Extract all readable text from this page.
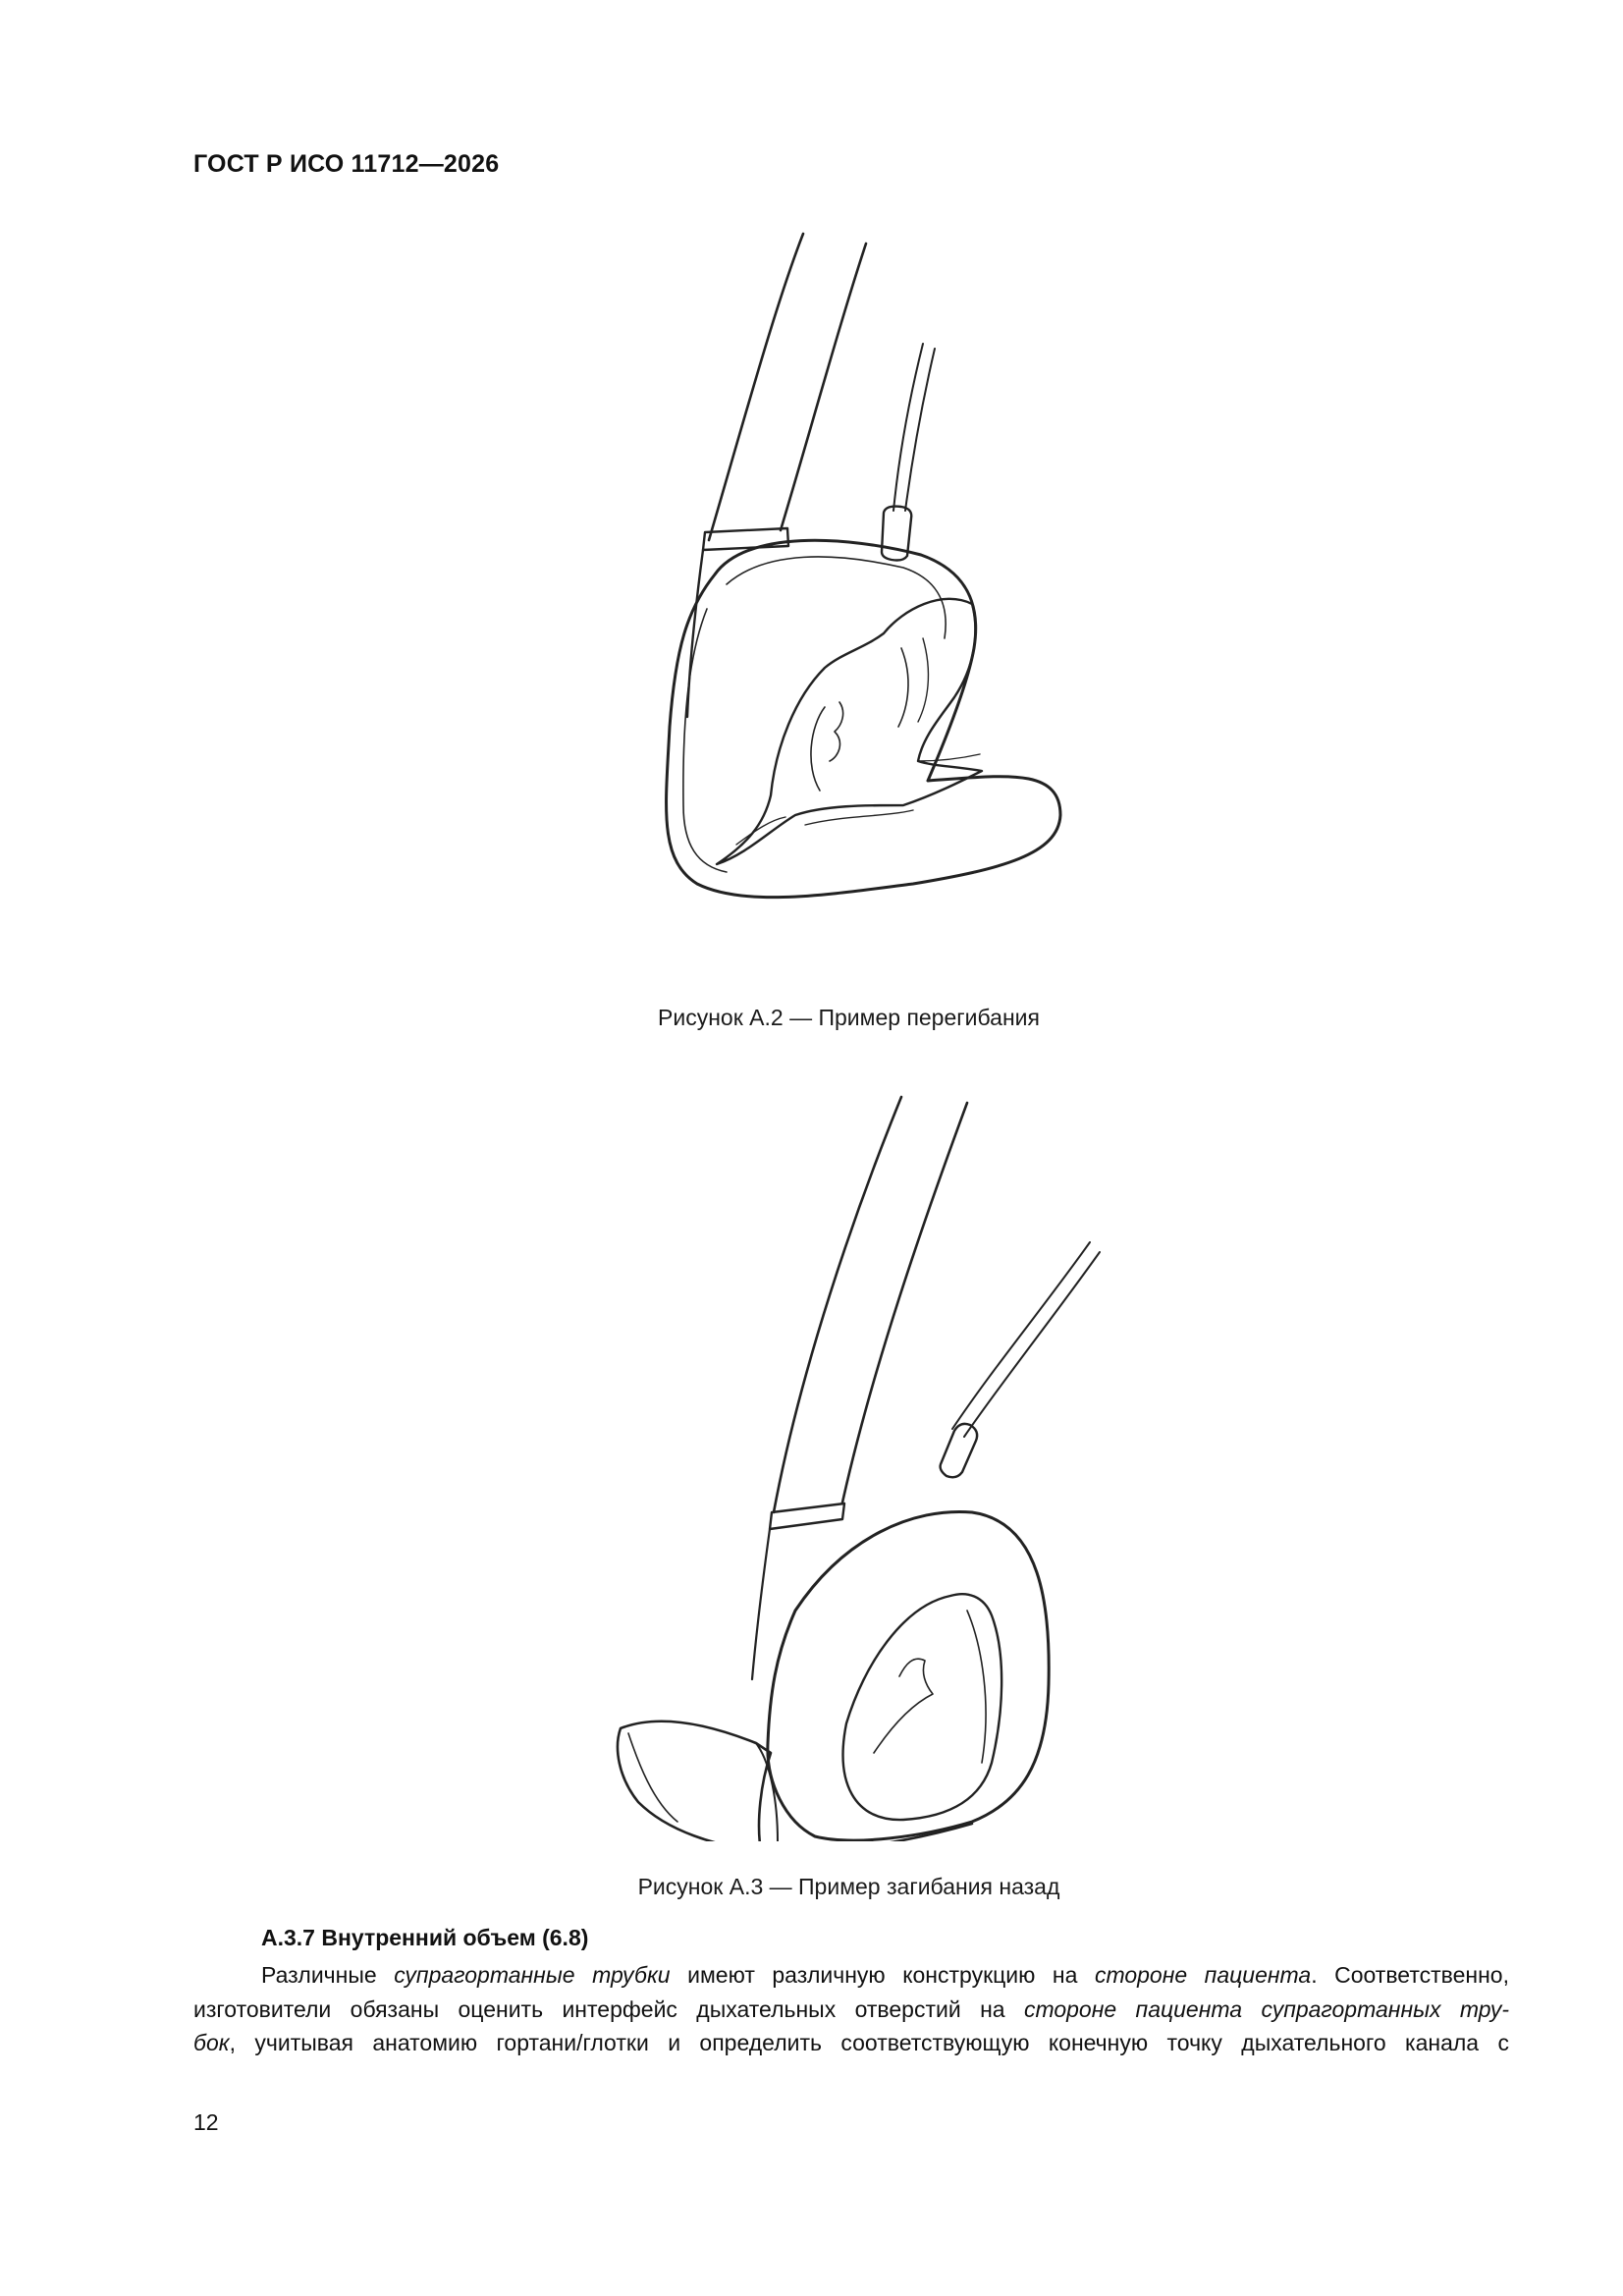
ГОСТ Р ИСО 11712—2026

Рисунок А.2 — Пример перегибания

Рисунок А.3 — Пример загибания назад

А.3.7 Внутренний объем (6.8)

Различные супрагортанные трубки имеют различную конструкцию на стороне пациента. Соответственно,
изготовители обязаны оценить интерфейс дыхательных отверстий на стороне пациента супрагортанных тру-
бок, учитывая анатомию гортани/глотки и определить соответствующую конечную точку дыхательного канала с

12
